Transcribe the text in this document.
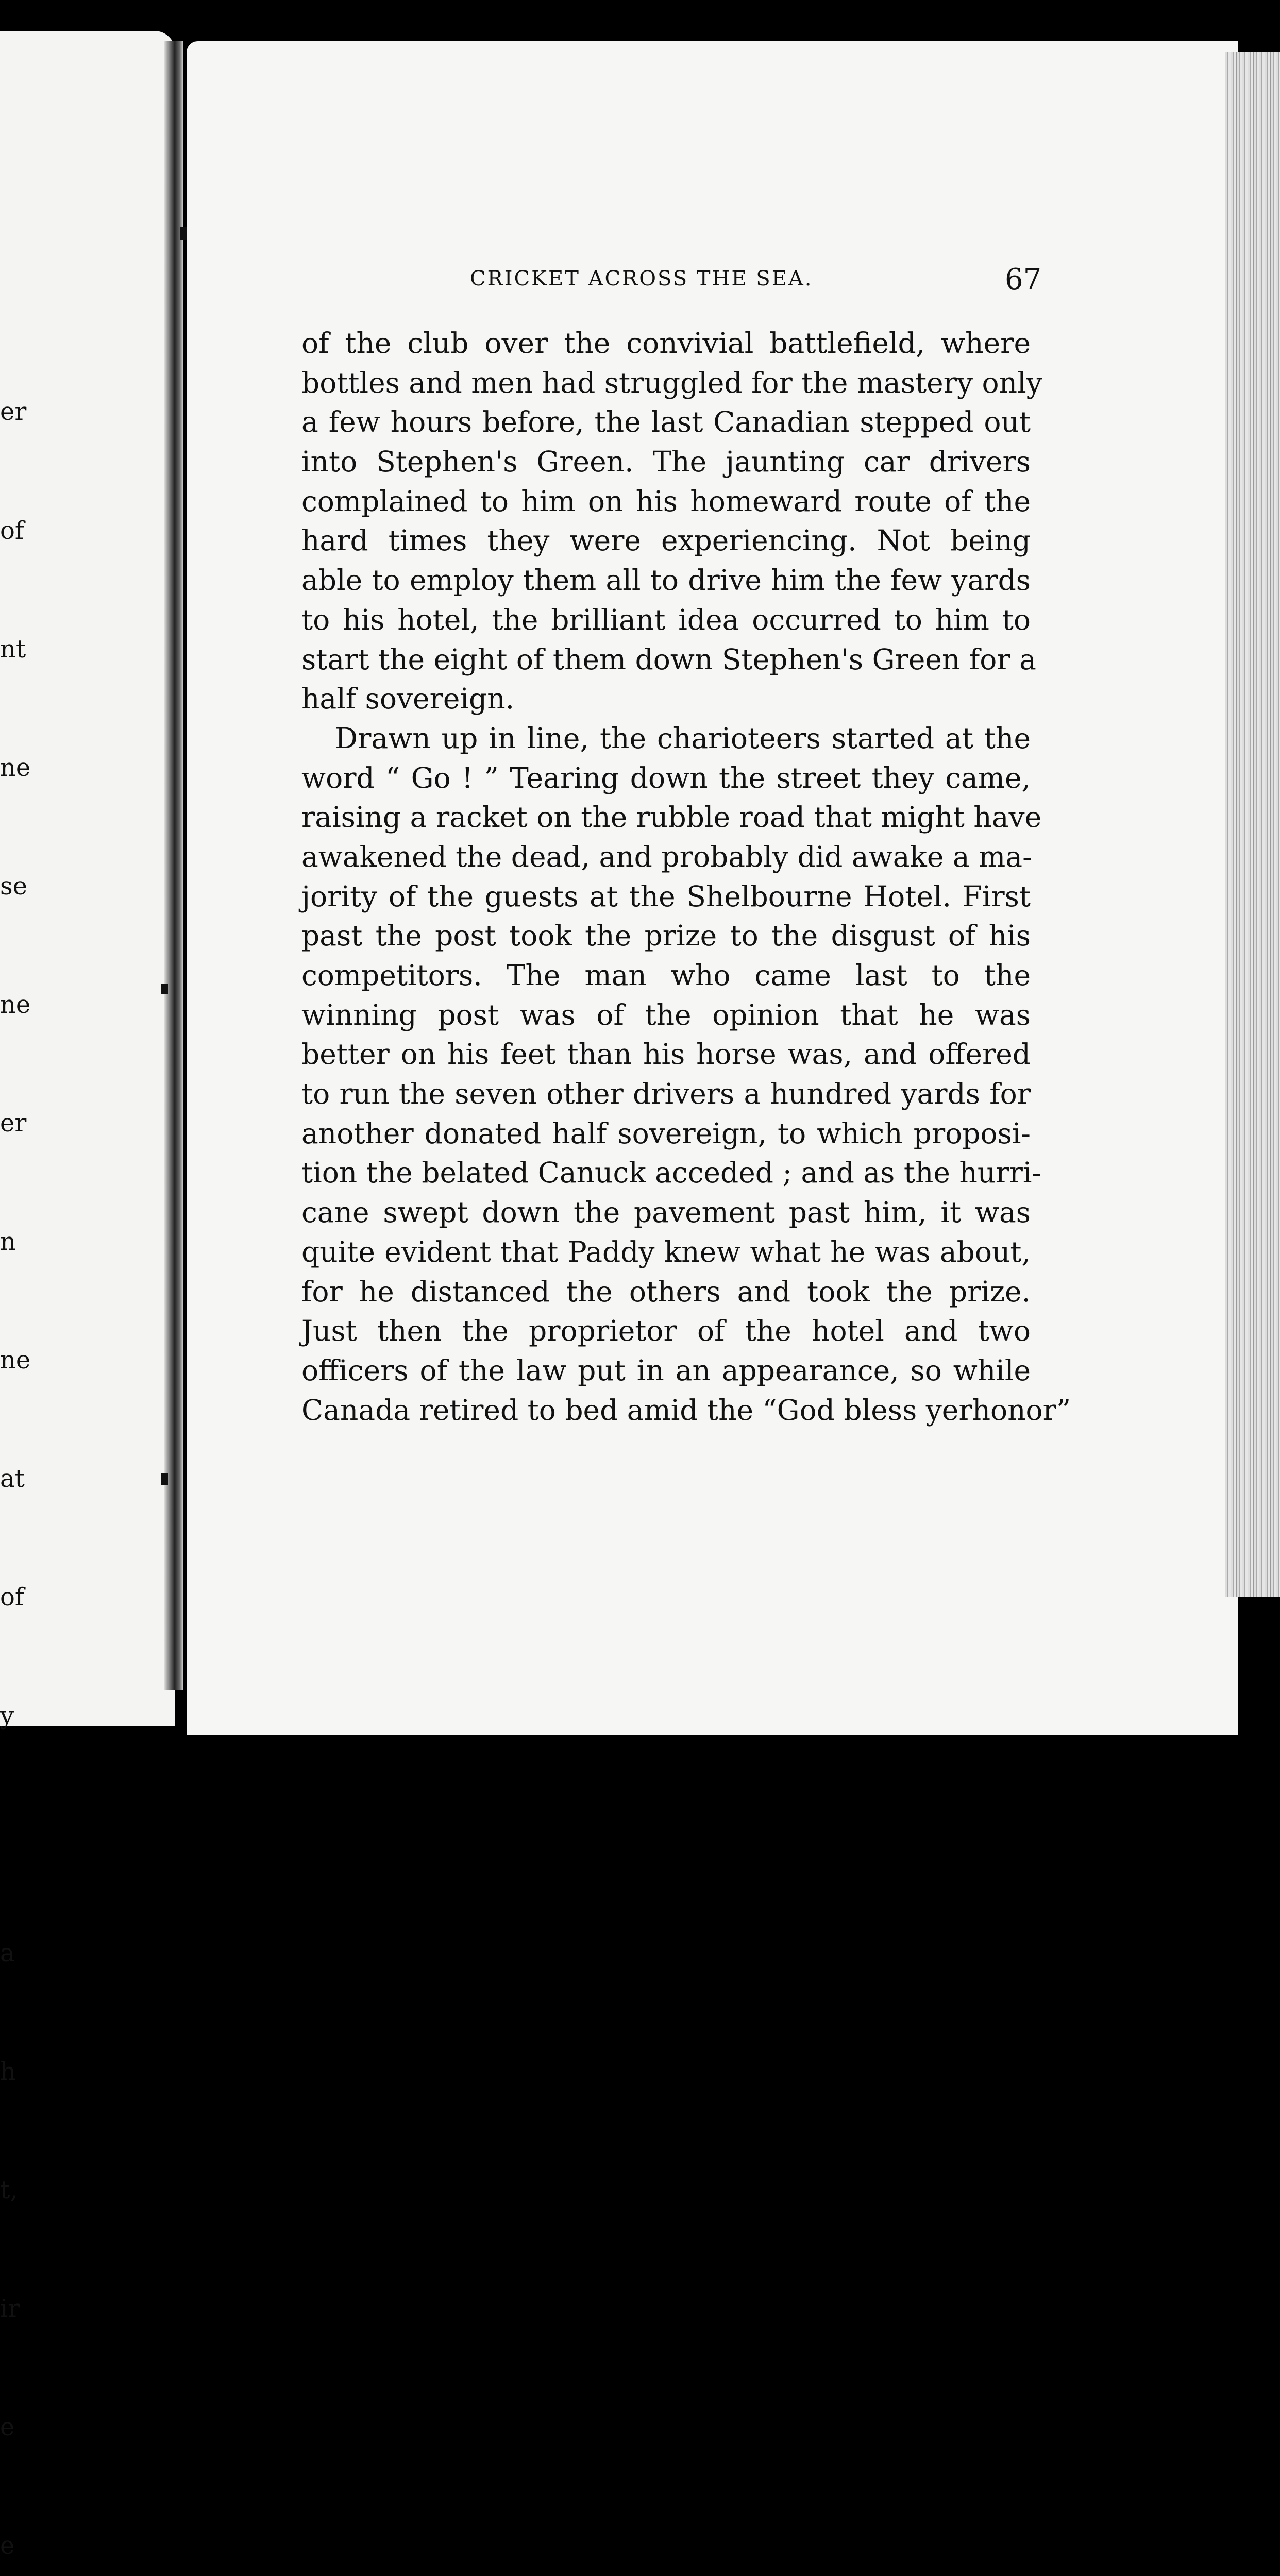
er

of

nt

ne

se

ne

er

n

ne

at

of

y

a

h

t,

ir

e

e

CRICKET ACROSS THE SEA.	67
of the club over the convivial battlefield, where
bottles and men had struggled for the mastery only
a few hours before, the last Canadian stepped out
into Stephen's Green. The jaunting car drivers
complained to him on his homeward route of the
hard times they were experiencing. Not being
able to employ them all to drive him the few yards
to his hotel, the brilliant idea occurred to him to
start the eight of them down Stephen's Green for a
half sovereign.
Drawn up in line, the charioteers started at the
word “ Go ! ” Tearing down the street they came,
raising a racket on the rubble road that might have
awakened the dead, and probably did awake a ma-
jority of the guests at the Shelbourne Hotel. First
past the post took the prize to the disgust of his
competitors. The man who came last to the
winning post was of the opinion that he was
better on his feet than his horse was, and offered
to run the seven other drivers a hundred yards for
another donated half sovereign, to which proposi-
tion the belated Canuck acceded ; and as the hurri-
cane swept down the pavement past him, it was
quite evident that Paddy knew what he was about,
for he distanced the others and took the prize.
Just then the proprietor of the hotel and two
officers of the law put in an appearance, so while
Canada retired to bed amid the “God bless yerhonor”
